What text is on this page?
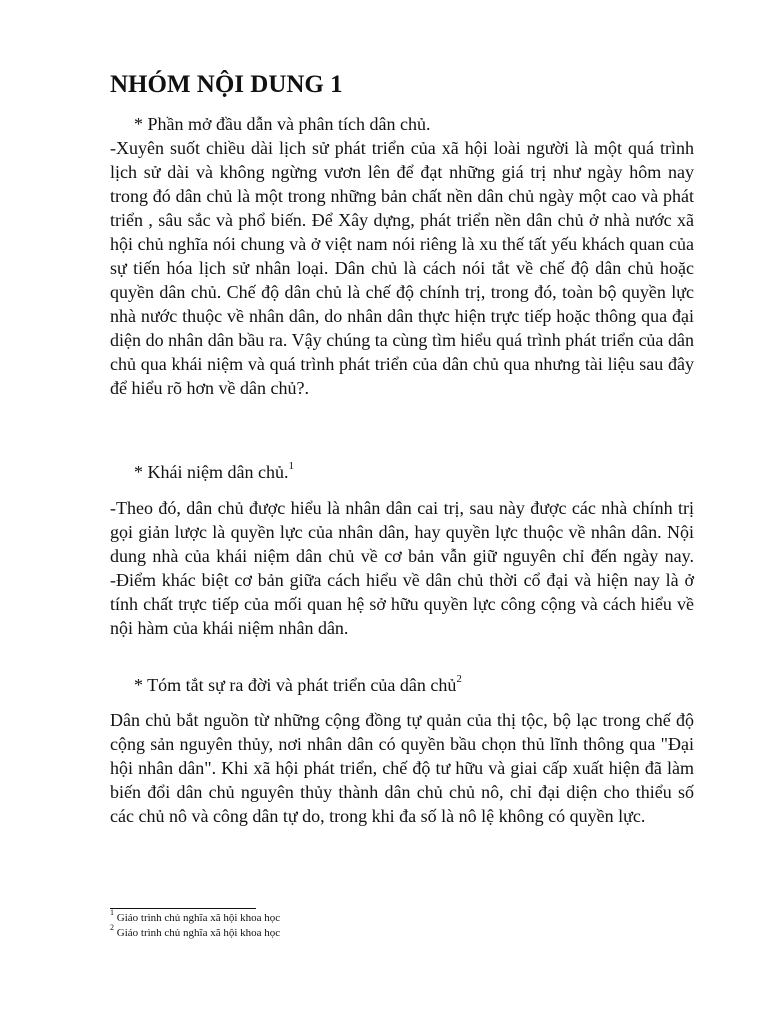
NHÓM NỘI DUNG 1

* Phần mở đầu dẫn và phân tích dân chủ.

-Xuyên suốt chiều dài lịch sử phát triển của xã hội loài người là một quá trình lịch sử dài và không ngừng vươn lên để đạt những giá trị như ngày hôm nay trong đó dân chủ là một trong những bản chất nền dân chủ ngày một cao và phát triển , sâu sắc và phổ biến. Để Xây dựng, phát triển nền dân chủ ở nhà nước xã hội chủ nghĩa nói chung và ở việt nam nói riêng là xu thế tất yếu khách quan của sự tiến hóa lịch sử nhân loại. Dân chủ là cách nói tắt về chế độ dân chủ hoặc quyền dân chủ. Chế độ dân chủ là chế độ chính trị, trong đó, toàn bộ quyền lực nhà nước thuộc về nhân dân, do nhân dân thực hiện trực tiếp hoặc thông qua đại diện do nhân dân bầu ra. Vậy chúng ta cùng tìm hiểu quá trình phát triển của dân chủ qua khái niệm và quá trình phát triển của dân chủ qua nhưng tài liệu sau đây để hiểu rõ hơn về dân chủ?.

* Khái niệm dân chủ.$^1$

-Theo đó, dân chủ được hiểu là nhân dân cai trị, sau này được các nhà chính trị gọi giản lược là quyền lực của nhân dân, hay quyền lực thuộc về nhân dân. Nội dung nhà của khái niệm dân chủ về cơ bản vẫn giữ nguyên chỉ đến ngày nay. -Điểm khác biệt cơ bản giữa cách hiểu về dân chủ thời cổ đại và hiện nay là ở tính chất trực tiếp của mối quan hệ sở hữu quyền lực công cộng và cách hiểu về nội hàm của khái niệm nhân dân.

* Tóm tắt sự ra đời và phát triển của dân chủ$^2$

Dân chủ bắt nguồn từ những cộng đồng tự quản của thị tộc, bộ lạc trong chế độ cộng sản nguyên thủy, nơi nhân dân có quyền bầu chọn thủ lĩnh thông qua "Đại hội nhân dân". Khi xã hội phát triển, chế độ tư hữu và giai cấp xuất hiện đã làm biến đổi dân chủ nguyên thủy thành dân chủ chủ nô, chỉ đại diện cho thiểu số các chủ nô và công dân tự do, trong khi đa số là nô lệ không có quyền lực.

$^1$ Giáo trình chủ nghĩa xã hội khoa học

$^2$ Giáo trình chủ nghĩa xã hội khoa học
